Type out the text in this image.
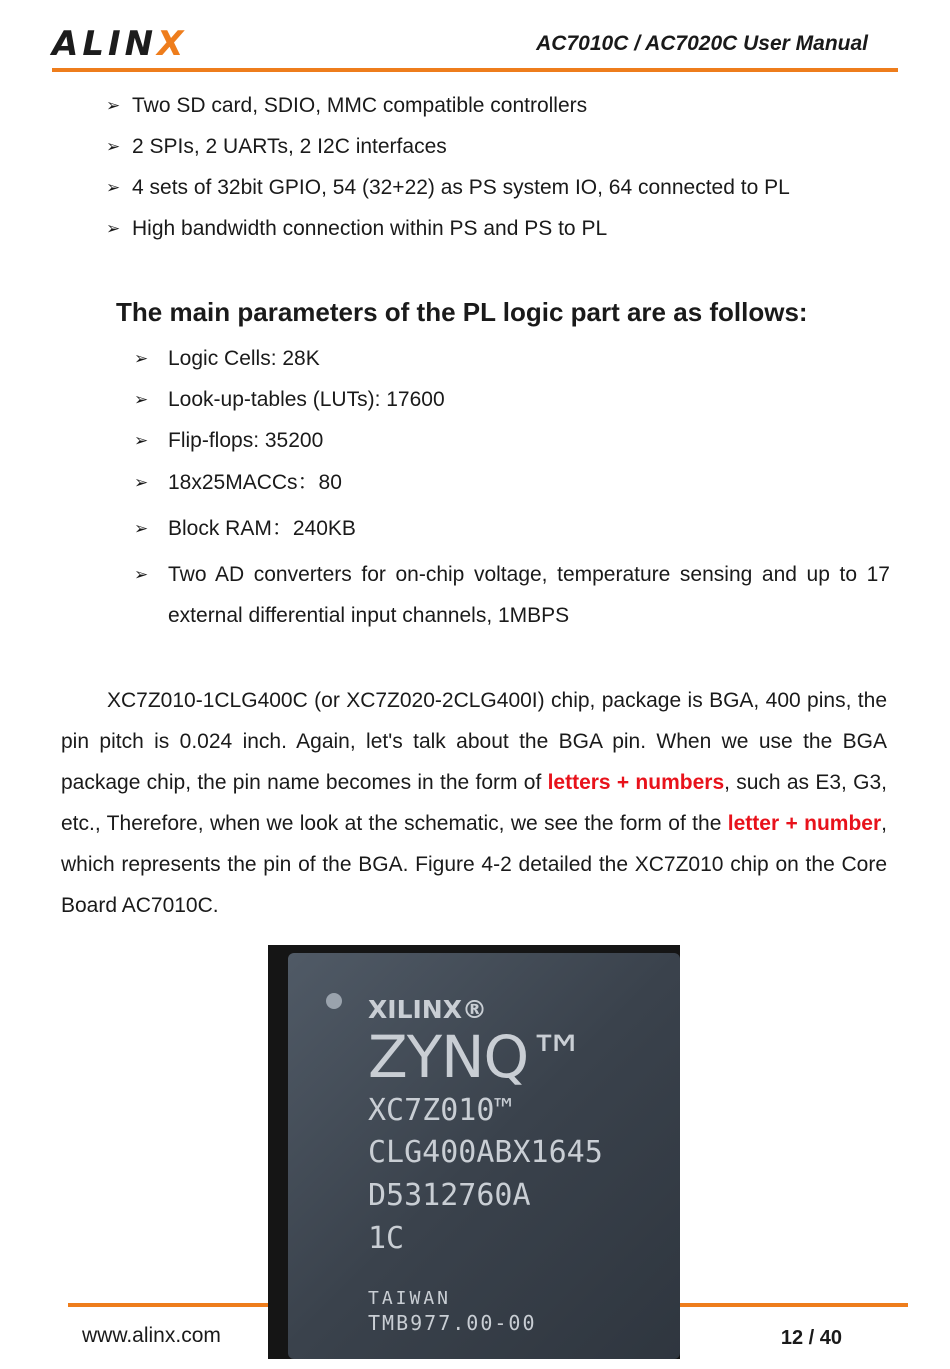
ALINX	AC7010C / AC7020C User Manual
➢ Two SD card, SDIO, MMC compatible controllers
➢ 2 SPIs, 2 UARTs, 2 I2C interfaces
➢ 4 sets of 32bit GPIO, 54 (32+22) as PS system IO, 64 connected to PL
➢ High bandwidth connection within PS and PS to PL
The main parameters of the PL logic part are as follows:
➢ Logic Cells: 28K
➢ Look-up-tables (LUTs): 17600
➢ Flip-flops: 35200
➢ 18x25MACCs：80
➢ Block RAM：240KB
➢ Two AD converters for on-chip voltage, temperature sensing and up to 17 external differential input channels, 1MBPS

XC7Z010-1CLG400C (or XC7Z020-2CLG400I) chip, package is BGA, 400 pins, the pin pitch is 0.024 inch. Again, let's talk about the BGA pin. When we use the BGA package chip, the pin name becomes in the form of letters + numbers, such as E3, G3, etc., Therefore, when we look at the schematic, we see the form of the letter + number, which represents the pin of the BGA. Figure 4-2 detailed the XC7Z010 chip on the Core Board AC7010C.

XILINX®
ZYNQ™
XC7Z010™
CLG400ABX1645
D5312760A
1C
TAIWAN
TMB977.00-00
www.alinx.com	12 / 40
